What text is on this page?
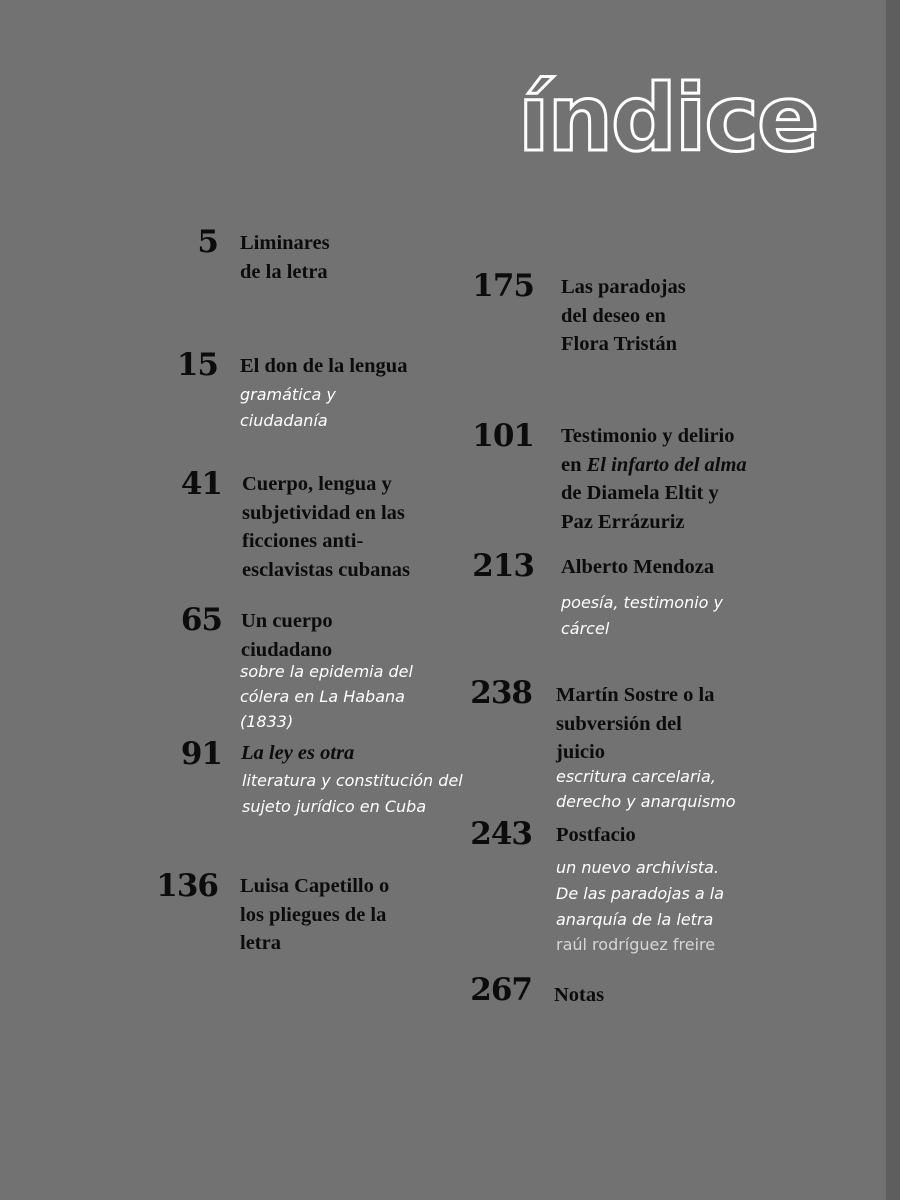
índice
5 Liminares
de la letra
15 El don de la lengua
gramática y
ciudadanía
41 Cuerpo, lengua y
subjetividad en las
ficciones anti-
esclavistas cubanas
65 Un cuerpo
ciudadano
sobre la epidemia del
cólera en La Habana
(1833)
91 La ley es otra
literatura y constitución del
sujeto jurídico en Cuba
136 Luisa Capetillo o
los pliegues de la
letra
175 Las paradojas
del deseo en
Flora Tristán
101 Testimonio y delirio
en El infarto del alma
de Diamela Eltit y
Paz Errázuriz
213 Alberto Mendoza
poesía, testimonio y
cárcel
238 Martín Sostre o la
subversión del
juicio
escritura carcelaria,
derecho y anarquismo
243 Postfacio
un nuevo archivista.
De las paradojas a la
anarquía de la letra
raúl rodríguez freire
267 Notas
